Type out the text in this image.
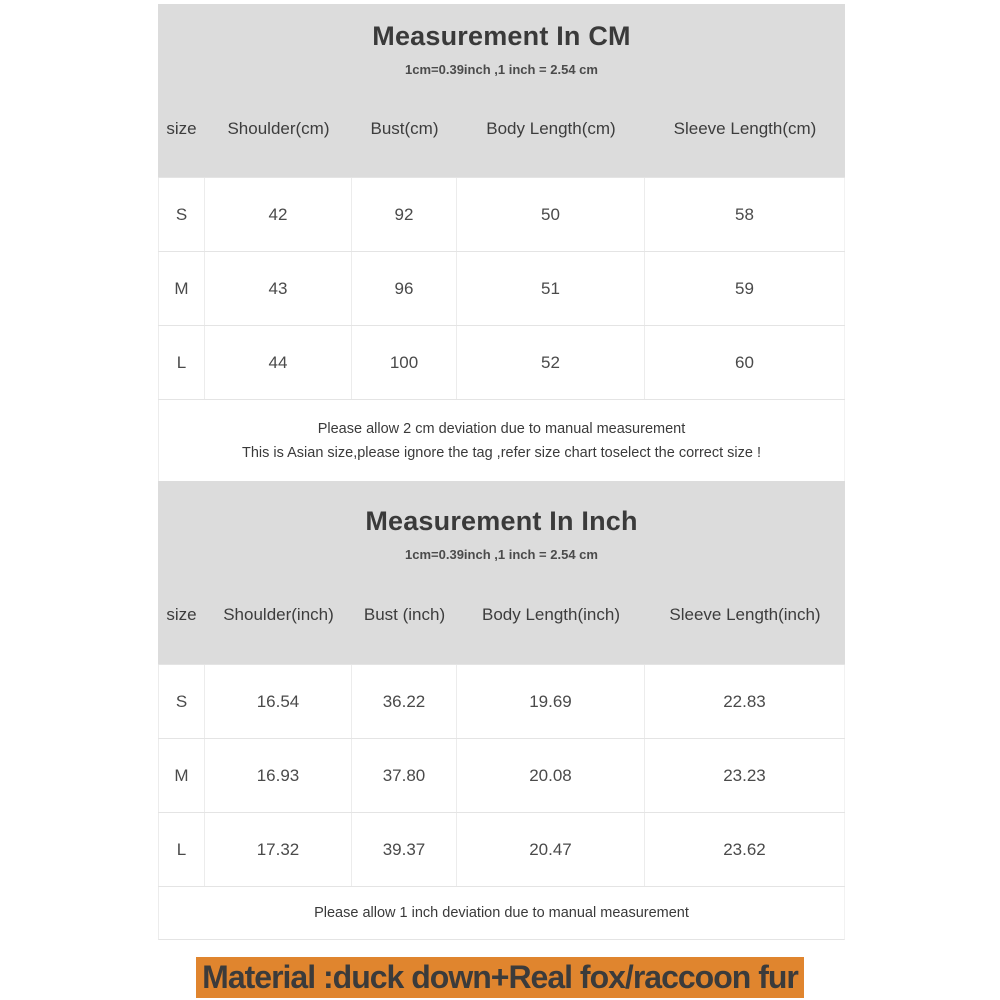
Measurement In CM
1cm=0.39inch ,1 inch = 2.54 cm
size	Shoulder(cm)	Bust(cm)	Body Length(cm)	Sleeve Length(cm)
S	42	92	50	58
M	43	96	51	59
L	44	100	52	60
Please allow 2 cm deviation due to manual measurement
This is Asian size,please ignore the tag ,refer size chart toselect the correct size !
Measurement In Inch
1cm=0.39inch ,1 inch = 2.54 cm
size	Shoulder(inch)	Bust (inch)	Body Length(inch)	Sleeve Length(inch)
S	16.54	36.22	19.69	22.83
M	16.93	37.80	20.08	23.23
L	17.32	39.37	20.47	23.62
Please allow 1 inch deviation due to manual measurement
Material :duck down+Real fox/raccoon fur
